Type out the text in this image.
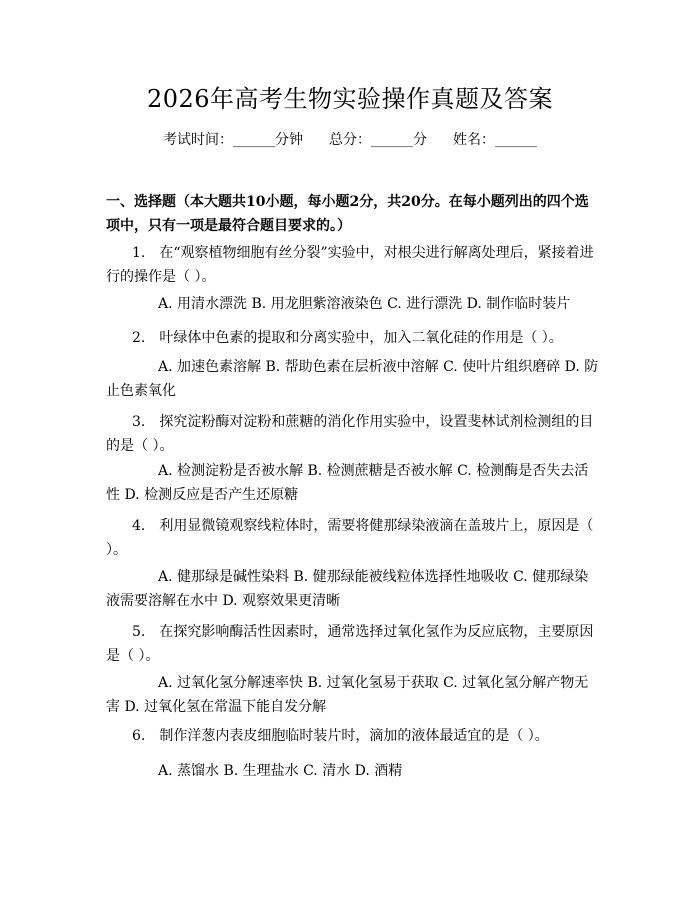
2026年高考生物实验操作真题及答案
考试时间：______分钟 总分：______分 姓名：______
一、选择题（本大题共10小题，每小题2分，共20分。在每小题列出的四个选项中，只有一项是最符合题目要求的。）
1.　在“观察植物细胞有丝分裂”实验中，对根尖进行解离处理后，紧接着进行的操作是（ ）。
A. 用清水漂洗 B. 用龙胆紫溶液染色 C. 进行漂洗 D. 制作临时装片
2.　叶绿体中色素的提取和分离实验中，加入二氧化硅的作用是（ ）。
A. 加速色素溶解 B. 帮助色素在层析液中溶解 C. 使叶片组织磨碎 D. 防止色素氧化
3.　探究淀粉酶对淀粉和蔗糖的消化作用实验中，设置斐林试剂检测组的目的是（ ）。
A. 检测淀粉是否被水解 B. 检测蔗糖是否被水解 C. 检测酶是否失去活性 D. 检测反应是否产生还原糖
4.　利用显微镜观察线粒体时，需要将健那绿染液滴在盖玻片上，原因是（ ）。
A. 健那绿是碱性染料 B. 健那绿能被线粒体选择性地吸收 C. 健那绿染液需要溶解在水中 D. 观察效果更清晰
5.　在探究影响酶活性因素时，通常选择过氧化氢作为反应底物，主要原因是（ ）。
A. 过氧化氢分解速率快 B. 过氧化氢易于获取 C. 过氧化氢分解产物无害 D. 过氧化氢在常温下能自发分解
6.　制作洋葱内表皮细胞临时装片时，滴加的液体最适宜的是（ ）。
A. 蒸馏水 B. 生理盐水 C. 清水 D. 酒精
